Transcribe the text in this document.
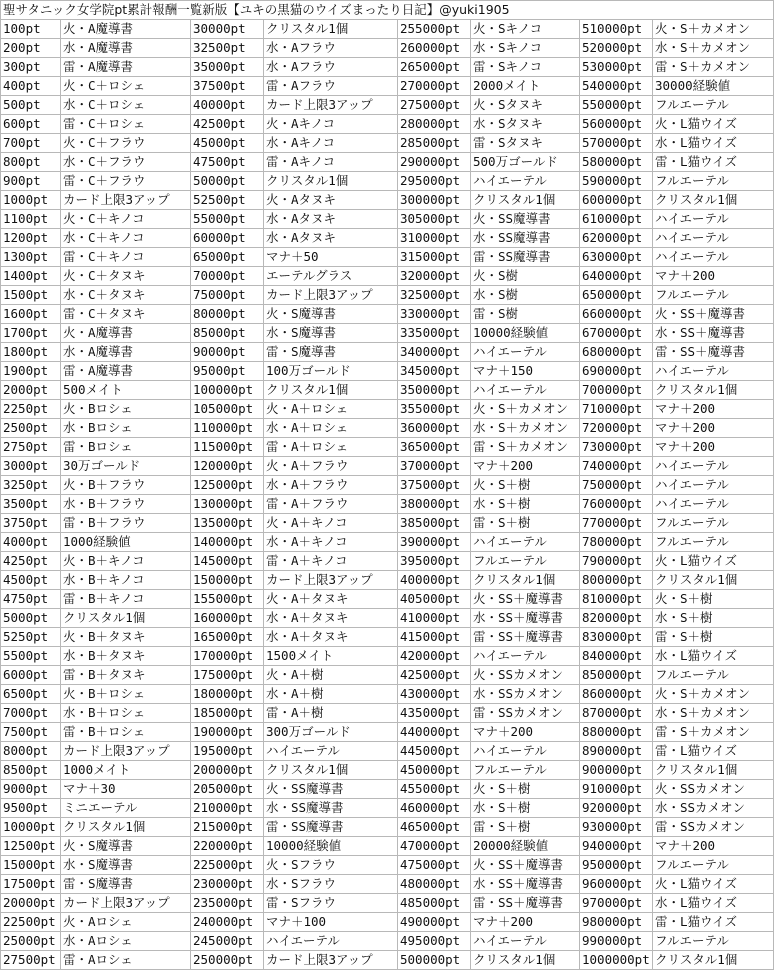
聖サタニック女学院pt累計報酬一覧新版【ユキの黒猫のウイズまったり日記】@yuki1905							
100pt	火・A魔導書	30000pt	クリスタル1個	255000pt	火・Sキノコ	510000pt	火・S＋カメオン
200pt	水・A魔導書	32500pt	水・Aフラウ	260000pt	水・Sキノコ	520000pt	水・S＋カメオン
300pt	雷・A魔導書	35000pt	水・Aフラウ	265000pt	雷・Sキノコ	530000pt	雷・S＋カメオン
400pt	火・C＋ロシェ	37500pt	雷・Aフラウ	270000pt	2000メイト	540000pt	30000経験値
500pt	水・C＋ロシェ	40000pt	カード上限3アップ	275000pt	火・Sタヌキ	550000pt	フルエーテル
600pt	雷・C＋ロシェ	42500pt	火・Aキノコ	280000pt	水・Sタヌキ	560000pt	火・L猫ウイズ
700pt	火・C＋フラウ	45000pt	水・Aキノコ	285000pt	雷・Sタヌキ	570000pt	水・L猫ウイズ
800pt	水・C＋フラウ	47500pt	雷・Aキノコ	290000pt	500万ゴールド	580000pt	雷・L猫ウイズ
900pt	雷・C＋フラウ	50000pt	クリスタル1個	295000pt	ハイエーテル	590000pt	フルエーテル
1000pt	カード上限3アップ	52500pt	火・Aタヌキ	300000pt	クリスタル1個	600000pt	クリスタル1個
1100pt	火・C＋キノコ	55000pt	水・Aタヌキ	305000pt	火・SS魔導書	610000pt	ハイエーテル
1200pt	水・C＋キノコ	60000pt	水・Aタヌキ	310000pt	水・SS魔導書	620000pt	ハイエーテル
1300pt	雷・C＋キノコ	65000pt	マナ＋50	315000pt	雷・SS魔導書	630000pt	ハイエーテル
1400pt	火・C＋タヌキ	70000pt	エーテルグラス	320000pt	火・S樹	640000pt	マナ＋200
1500pt	水・C＋タヌキ	75000pt	カード上限3アップ	325000pt	水・S樹	650000pt	フルエーテル
1600pt	雷・C＋タヌキ	80000pt	火・S魔導書	330000pt	雷・S樹	660000pt	火・SS＋魔導書
1700pt	火・A魔導書	85000pt	水・S魔導書	335000pt	10000経験値	670000pt	水・SS＋魔導書
1800pt	水・A魔導書	90000pt	雷・S魔導書	340000pt	ハイエーテル	680000pt	雷・SS＋魔導書
1900pt	雷・A魔導書	95000pt	100万ゴールド	345000pt	マナ＋150	690000pt	ハイエーテル
2000pt	500メイト	100000pt	クリスタル1個	350000pt	ハイエーテル	700000pt	クリスタル1個
2250pt	火・Bロシェ	105000pt	火・A＋ロシェ	355000pt	火・S＋カメオン	710000pt	マナ＋200
2500pt	水・Bロシェ	110000pt	水・A＋ロシェ	360000pt	水・S＋カメオン	720000pt	マナ＋200
2750pt	雷・Bロシェ	115000pt	雷・A＋ロシェ	365000pt	雷・S＋カメオン	730000pt	マナ＋200
3000pt	30万ゴールド	120000pt	火・A＋フラウ	370000pt	マナ＋200	740000pt	ハイエーテル
3250pt	火・B＋フラウ	125000pt	水・A＋フラウ	375000pt	火・S＋樹	750000pt	ハイエーテル
3500pt	水・B＋フラウ	130000pt	雷・A＋フラウ	380000pt	水・S＋樹	760000pt	ハイエーテル
3750pt	雷・B＋フラウ	135000pt	火・A＋キノコ	385000pt	雷・S＋樹	770000pt	フルエーテル
4000pt	1000経験値	140000pt	水・A＋キノコ	390000pt	ハイエーテル	780000pt	フルエーテル
4250pt	火・B＋キノコ	145000pt	雷・A＋キノコ	395000pt	フルエーテル	790000pt	火・L猫ウイズ
4500pt	水・B＋キノコ	150000pt	カード上限3アップ	400000pt	クリスタル1個	800000pt	クリスタル1個
4750pt	雷・B＋キノコ	155000pt	火・A＋タヌキ	405000pt	火・SS＋魔導書	810000pt	火・S＋樹
5000pt	クリスタル1個	160000pt	水・A＋タヌキ	410000pt	水・SS＋魔導書	820000pt	水・S＋樹
5250pt	火・B＋タヌキ	165000pt	水・A＋タヌキ	415000pt	雷・SS＋魔導書	830000pt	雷・S＋樹
5500pt	水・B＋タヌキ	170000pt	1500メイト	420000pt	ハイエーテル	840000pt	水・L猫ウイズ
6000pt	雷・B＋タヌキ	175000pt	火・A＋樹	425000pt	火・SSカメオン	850000pt	フルエーテル
6500pt	火・B＋ロシェ	180000pt	水・A＋樹	430000pt	水・SSカメオン	860000pt	火・S＋カメオン
7000pt	水・B＋ロシェ	185000pt	雷・A＋樹	435000pt	雷・SSカメオン	870000pt	水・S＋カメオン
7500pt	雷・B＋ロシェ	190000pt	300万ゴールド	440000pt	マナ＋200	880000pt	雷・S＋カメオン
8000pt	カード上限3アップ	195000pt	ハイエーテル	445000pt	ハイエーテル	890000pt	雷・L猫ウイズ
8500pt	1000メイト	200000pt	クリスタル1個	450000pt	フルエーテル	900000pt	クリスタル1個
9000pt	マナ＋30	205000pt	火・SS魔導書	455000pt	火・S＋樹	910000pt	火・SSカメオン
9500pt	ミニエーテル	210000pt	水・SS魔導書	460000pt	水・S＋樹	920000pt	水・SSカメオン
10000pt	クリスタル1個	215000pt	雷・SS魔導書	465000pt	雷・S＋樹	930000pt	雷・SSカメオン
12500pt	火・S魔導書	220000pt	10000経験値	470000pt	20000経験値	940000pt	マナ＋200
15000pt	水・S魔導書	225000pt	火・Sフラウ	475000pt	火・SS＋魔導書	950000pt	フルエーテル
17500pt	雷・S魔導書	230000pt	水・Sフラウ	480000pt	水・SS＋魔導書	960000pt	火・L猫ウイズ
20000pt	カード上限3アップ	235000pt	雷・Sフラウ	485000pt	雷・SS＋魔導書	970000pt	水・L猫ウイズ
22500pt	火・Aロシェ	240000pt	マナ＋100	490000pt	マナ＋200	980000pt	雷・L猫ウイズ
25000pt	水・Aロシェ	245000pt	ハイエーテル	495000pt	ハイエーテル	990000pt	フルエーテル
27500pt	雷・Aロシェ	250000pt	カード上限3アップ	500000pt	クリスタル1個	1000000pt	クリスタル1個
